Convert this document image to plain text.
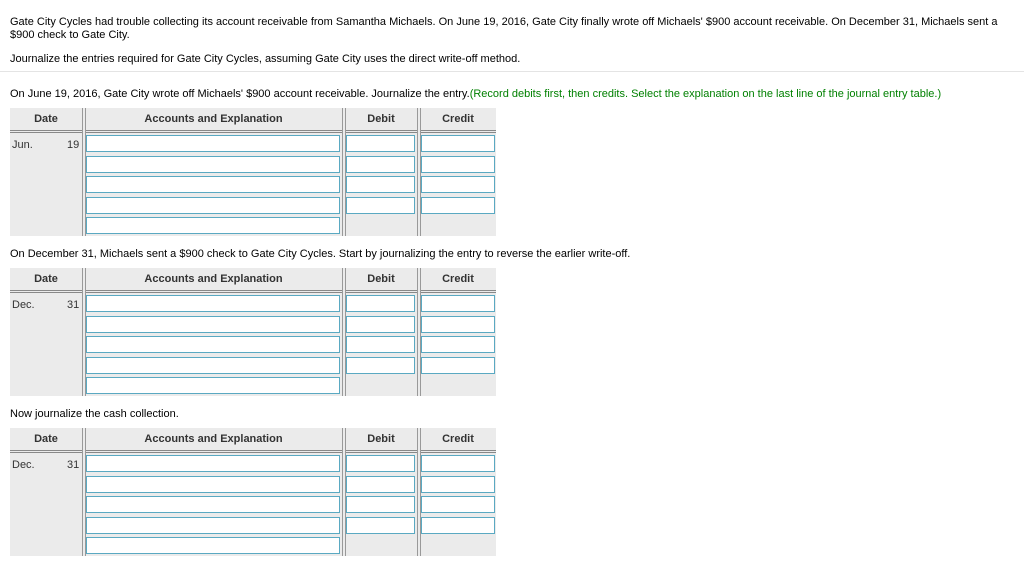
Gate City Cycles had trouble collecting its account receivable from Samantha Michaels. On June 19, 2016, Gate City finally wrote off Michaels' $900 account receivable. On December 31, Michaels sent a $900 check to Gate City.

Journalize the entries required for Gate City Cycles, assuming Gate City uses the direct write-off method.

On June 19, 2016, Gate City wrote off Michaels' $900 account receivable. Journalize the entry.(Record debits first, then credits. Select the explanation on the last line of the journal entry table.)

On December 31, Michaels sent a $900 check to Gate City Cycles. Start by journalizing the entry to reverse the earlier write-off.

Now journalize the cash collection.

Date	Accounts and Explanation	Debit	Credit
Jun.	19
Date	Accounts and Explanation	Debit	Credit
Dec.	31
Date	Accounts and Explanation	Debit	Credit
Dec.	31
